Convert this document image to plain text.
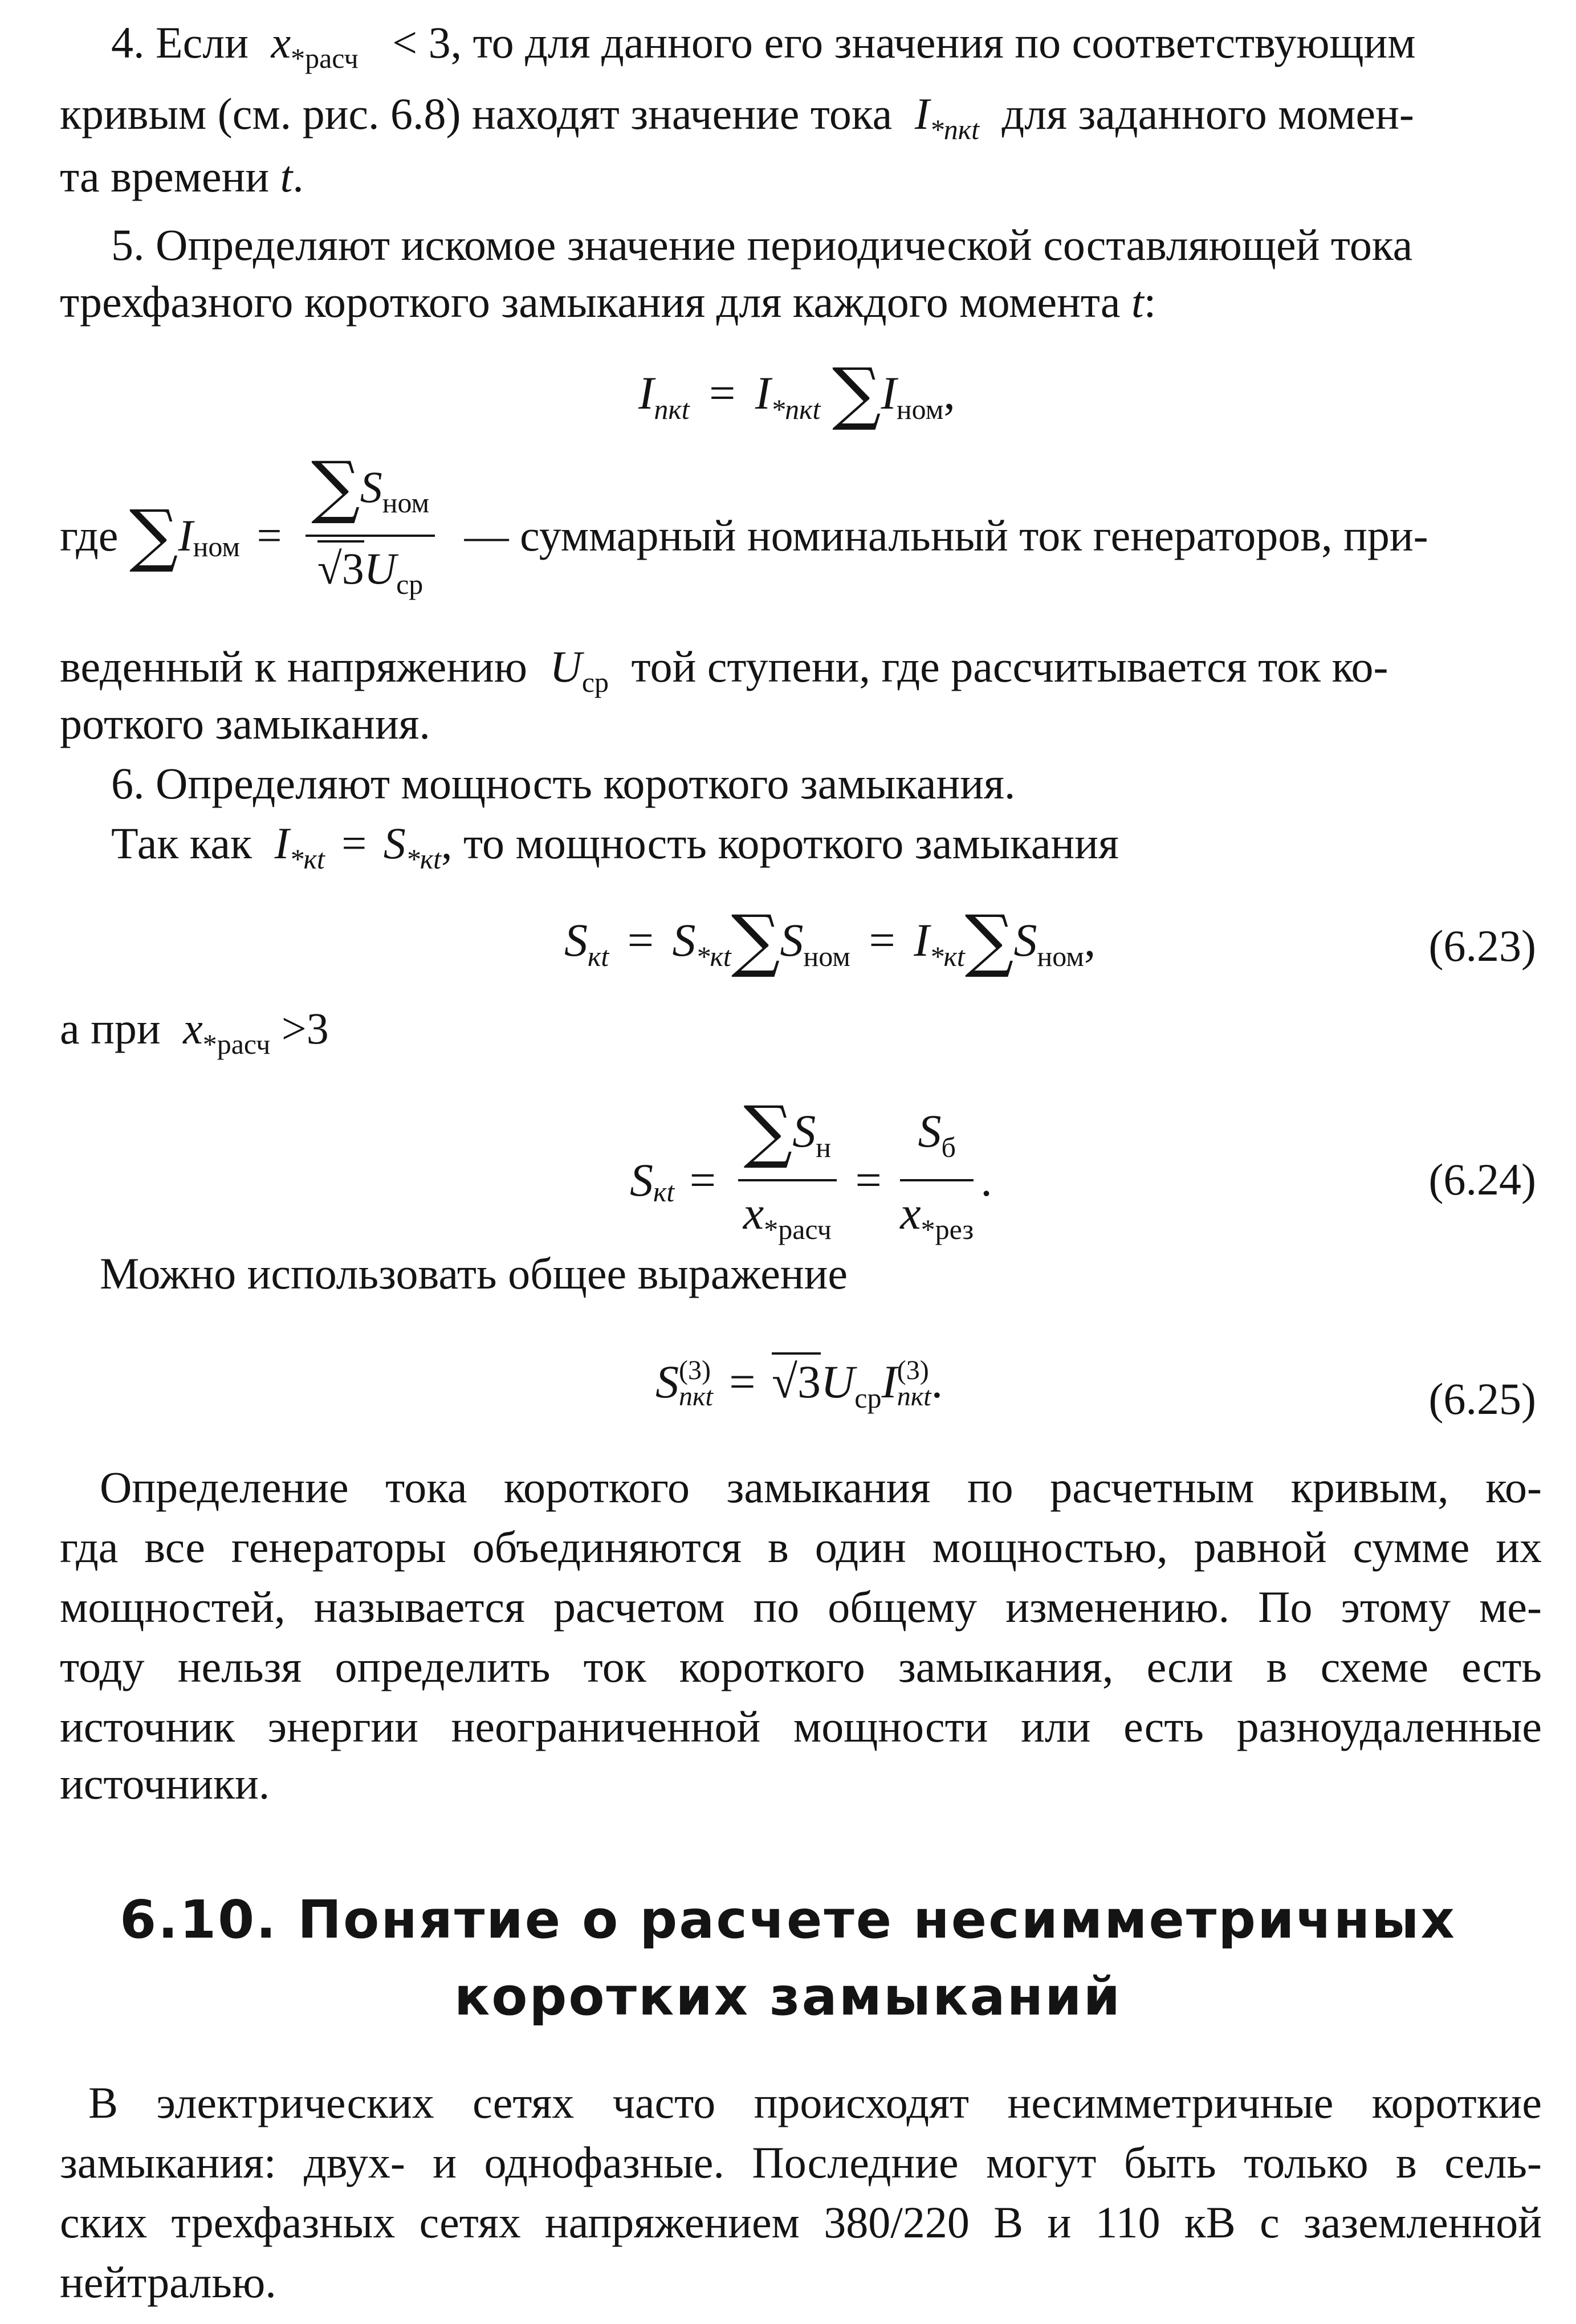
4. Если $x_{*расч} < 3$, то для данного его значения по соответствующим
кривым (см. рис. 6.8) находят значение тока $I_{*пкt}$ для заданного момен-
та времени t.
5. Определяют искомое значение периодической составляющей тока
трехфазного короткого замыкания для каждого момента t:
$I_{пкt} = I_{*пкt}$ $\sum I_{ном}$,
где $\sum I_{ном} = \frac{\sum S_{ном}}{√3U_{ср}}$ — суммарный номинальный ток генераторов, при-
веденный к напряжению $U_{ср}$ той ступени, где рассчитывается ток ко-
роткого замыкания.
6. Определяют мощность короткого замыкания.
Так как $I_{*кt} = S_{*кt}$, то мощность короткого замыкания
$S_{кt} = S_{*кt}\sum S_{ном} = I_{*кt}\sum S_{ном}$,	(6.23)
а при $x_{*расч} >3$
$S_{кt} = \frac{\sum S_н}{x_{*расч}} = \frac{S_б}{x_{*рез}}$ .	(6.24)
Можно использовать общее выражение
S (3)
пкt = $√3U_{ср}I$ (3)
пкt .	(6.25)
Определение тока короткого замыкания по расчетным кривым, ко-
гда все генераторы объединяются в один мощностью, равной сумме их
мощностей, называется расчетом по общему изменению. По этому ме-
тоду нельзя определить ток короткого замыкания, если в схеме есть
источник энергии неограниченной мощности или есть разноудаленные
источники.
6.10. Понятие о расчете несимметричных
коротких замыканий
В электрических сетях часто происходят несимметричные короткие
замыкания: двух- и однофазные. Последние могут быть только в сель-
ских трехфазных сетях напряжением 380/220 В и 110 кВ с заземленной
нейтралью.
